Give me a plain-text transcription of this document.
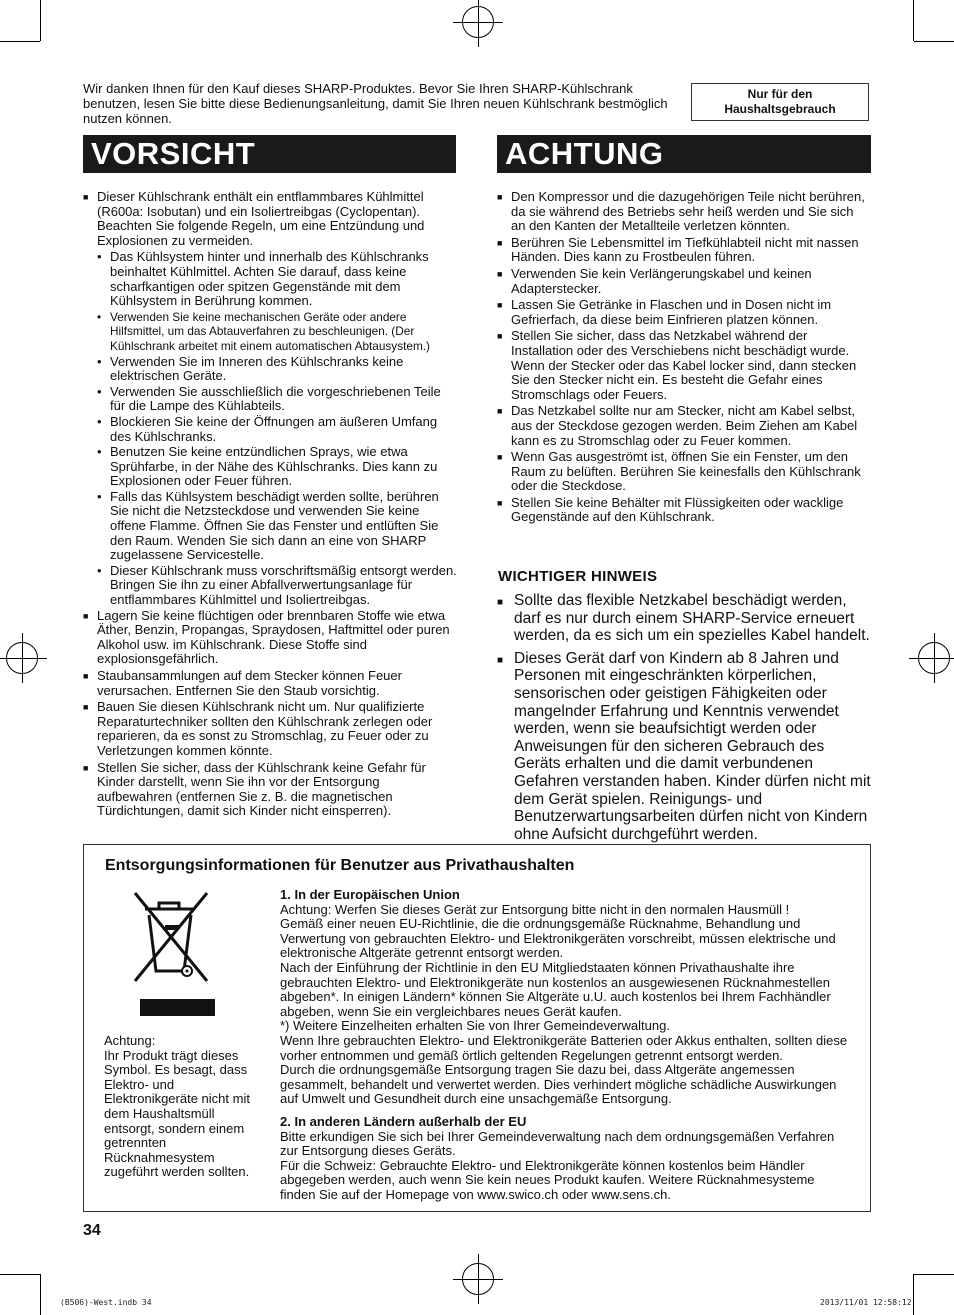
Wir danken Ihnen für den Kauf dieses SHARP-Produktes. Bevor Sie Ihren SHARP-Kühlschrank benutzen, lesen Sie bitte diese Bedienungsanleitung, damit Sie Ihren neuen Kühlschrank bestmöglich nutzen können.
Nur für den Haushaltsgebrauch
VORSICHT
■ Dieser Kühlschrank enthält ein entflammbares Kühlmittel (R600a: Isobutan) und ein Isoliertreibgas (Cyclopentan). Beachten Sie folgende Regeln, um eine Entzündung und Explosionen zu vermeiden.
• Das Kühlsystem hinter und innerhalb des Kühlschranks beinhaltet Kühlmittel. Achten Sie darauf, dass keine scharfkantigen oder spitzen Gegenstände mit dem Kühlsystem in Berührung kommen.
• Verwenden Sie keine mechanischen Geräte oder andere Hilfsmittel, um das Abtauverfahren zu beschleunigen. (Der Kühlschrank arbeitet mit einem automatischen Abtausystem.)
• Verwenden Sie im Inneren des Kühlschranks keine elektrischen Geräte.
• Verwenden Sie ausschließlich die vorgeschriebenen Teile für die Lampe des Kühlabteils.
• Blockieren Sie keine der Öffnungen am äußeren Umfang des Kühlschranks.
• Benutzen Sie keine entzündlichen Sprays, wie etwa Sprühfarbe, in der Nähe des Kühlschranks. Dies kann zu Explosionen oder Feuer führen.
• Falls das Kühlsystem beschädigt werden sollte, berühren Sie nicht die Netzsteckdose und verwenden Sie keine offene Flamme. Öffnen Sie das Fenster und entlüften Sie den Raum. Wenden Sie sich dann an eine von SHARP zugelassene Servicestelle.
• Dieser Kühlschrank muss vorschriftsmäßig entsorgt werden. Bringen Sie ihn zu einer Abfallverwertungsanlage für entflammbares Kühlmittel und Isoliertreibgas.
■ Lagern Sie keine flüchtigen oder brennbaren Stoffe wie etwa Äther, Benzin, Propangas, Spraydosen, Haftmittel oder puren Alkohol usw. im Kühlschrank. Diese Stoffe sind explosionsgefährlich.
■ Staubansammlungen auf dem Stecker können Feuer verursachen. Entfernen Sie den Staub vorsichtig.
■ Bauen Sie diesen Kühlschrank nicht um. Nur qualifizierte Reparaturtechniker sollten den Kühlschrank zerlegen oder reparieren, da es sonst zu Stromschlag, zu Feuer oder zu Verletzungen kommen könnte.
■ Stellen Sie sicher, dass der Kühlschrank keine Gefahr für Kinder darstellt, wenn Sie ihn vor der Entsorgung aufbewahren (entfernen Sie z. B. die magnetischen Türdichtungen, damit sich Kinder nicht einsperren).
ACHTUNG
■ Den Kompressor und die dazugehörigen Teile nicht berühren, da sie während des Betriebs sehr heiß werden und Sie sich an den Kanten der Metallteile verletzen könnten.
■ Berühren Sie Lebensmittel im Tiefkühlabteil nicht mit nassen Händen. Dies kann zu Frostbeulen führen.
■ Verwenden Sie kein Verlängerungskabel und keinen Adapterstecker.
■ Lassen Sie Getränke in Flaschen und in Dosen nicht im Gefrierfach, da diese beim Einfrieren platzen können.
■ Stellen Sie sicher, dass das Netzkabel während der Installation oder des Verschiebens nicht beschädigt wurde. Wenn der Stecker oder das Kabel locker sind, dann stecken Sie den Stecker nicht ein. Es besteht die Gefahr eines Stromschlags oder Feuers.
■ Das Netzkabel sollte nur am Stecker, nicht am Kabel selbst, aus der Steckdose gezogen werden. Beim Ziehen am Kabel kann es zu Stromschlag oder zu Feuer kommen.
■ Wenn Gas ausgeströmt ist, öffnen Sie ein Fenster, um den Raum zu belüften. Berühren Sie keinesfalls den Kühlschrank oder die Steckdose.
■ Stellen Sie keine Behälter mit Flüssigkeiten oder wacklige Gegenstände auf den Kühlschrank.
WICHTIGER HINWEIS
■ Sollte das flexible Netzkabel beschädigt werden, darf es nur durch einem SHARP-Service erneuert werden, da es sich um ein spezielles Kabel handelt.
■ Dieses Gerät darf von Kindern ab 8 Jahren und Personen mit eingeschränkten körperlichen, sensorischen oder geistigen Fähigkeiten oder mangelnder Erfahrung und Kenntnis verwendet werden, wenn sie beaufsichtigt werden oder Anweisungen für den sicheren Gebrauch des Geräts erhalten und die damit verbundenen Gefahren verstanden haben. Kinder dürfen nicht mit dem Gerät spielen. Reinigungs- und Benutzerwartungsarbeiten dürfen nicht von Kindern ohne Aufsicht durchgeführt werden.
Entsorgungsinformationen für Benutzer aus Privathaushalten
Achtung:
Ihr Produkt trägt dieses Symbol. Es besagt, dass Elektro- und Elektronikgeräte nicht mit dem Haushaltsmüll entsorgt, sondern einem getrennten Rücknahmesystem zugeführt werden sollten.
1. In der Europäischen Union
Achtung: Werfen Sie dieses Gerät zur Entsorgung bitte nicht in den normalen Hausmüll !
Gemäß einer neuen EU-Richtlinie, die die ordnungsgemäße Rücknahme, Behandlung und Verwertung von gebrauchten Elektro- und Elektronikgeräten vorschreibt, müssen elektrische und elektronische Altgeräte getrennt entsorgt werden.
Nach der Einführung der Richtlinie in den EU Mitgliedstaaten können Privathaushalte ihre gebrauchten Elektro- und Elektronikgeräte nun kostenlos an ausgewiesenen Rücknahmestellen abgeben*. In einigen Ländern* können Sie Altgeräte u.U. auch kostenlos bei Ihrem Fachhändler abgeben, wenn Sie ein vergleichbares neues Gerät kaufen.
*) Weitere Einzelheiten erhalten Sie von Ihrer Gemeindeverwaltung.
Wenn Ihre gebrauchten Elektro- und Elektronikgeräte Batterien oder Akkus enthalten, sollten diese vorher entnommen und gemäß örtlich geltenden Regelungen getrennt entsorgt werden.
Durch die ordnungsgemäße Entsorgung tragen Sie dazu bei, dass Altgeräte angemessen gesammelt, behandelt und verwertet werden. Dies verhindert mögliche schädliche Auswirkungen auf Umwelt und Gesundheit durch eine unsachgemäße Entsorgung.
2. In anderen Ländern außerhalb der EU
Bitte erkundigen Sie sich bei Ihrer Gemeindeverwaltung nach dem ordnungsgemäßen Verfahren zur Entsorgung dieses Geräts.
Für die Schweiz: Gebrauchte Elektro- und Elektronikgeräte können kostenlos beim Händler abgegeben werden, auch wenn Sie kein neues Produkt kaufen. Weitere Rücknahmesysteme finden Sie auf der Homepage von www.swico.ch oder www.sens.ch.
34
(B506)-West.indb 34	2013/11/01 12:58:12
